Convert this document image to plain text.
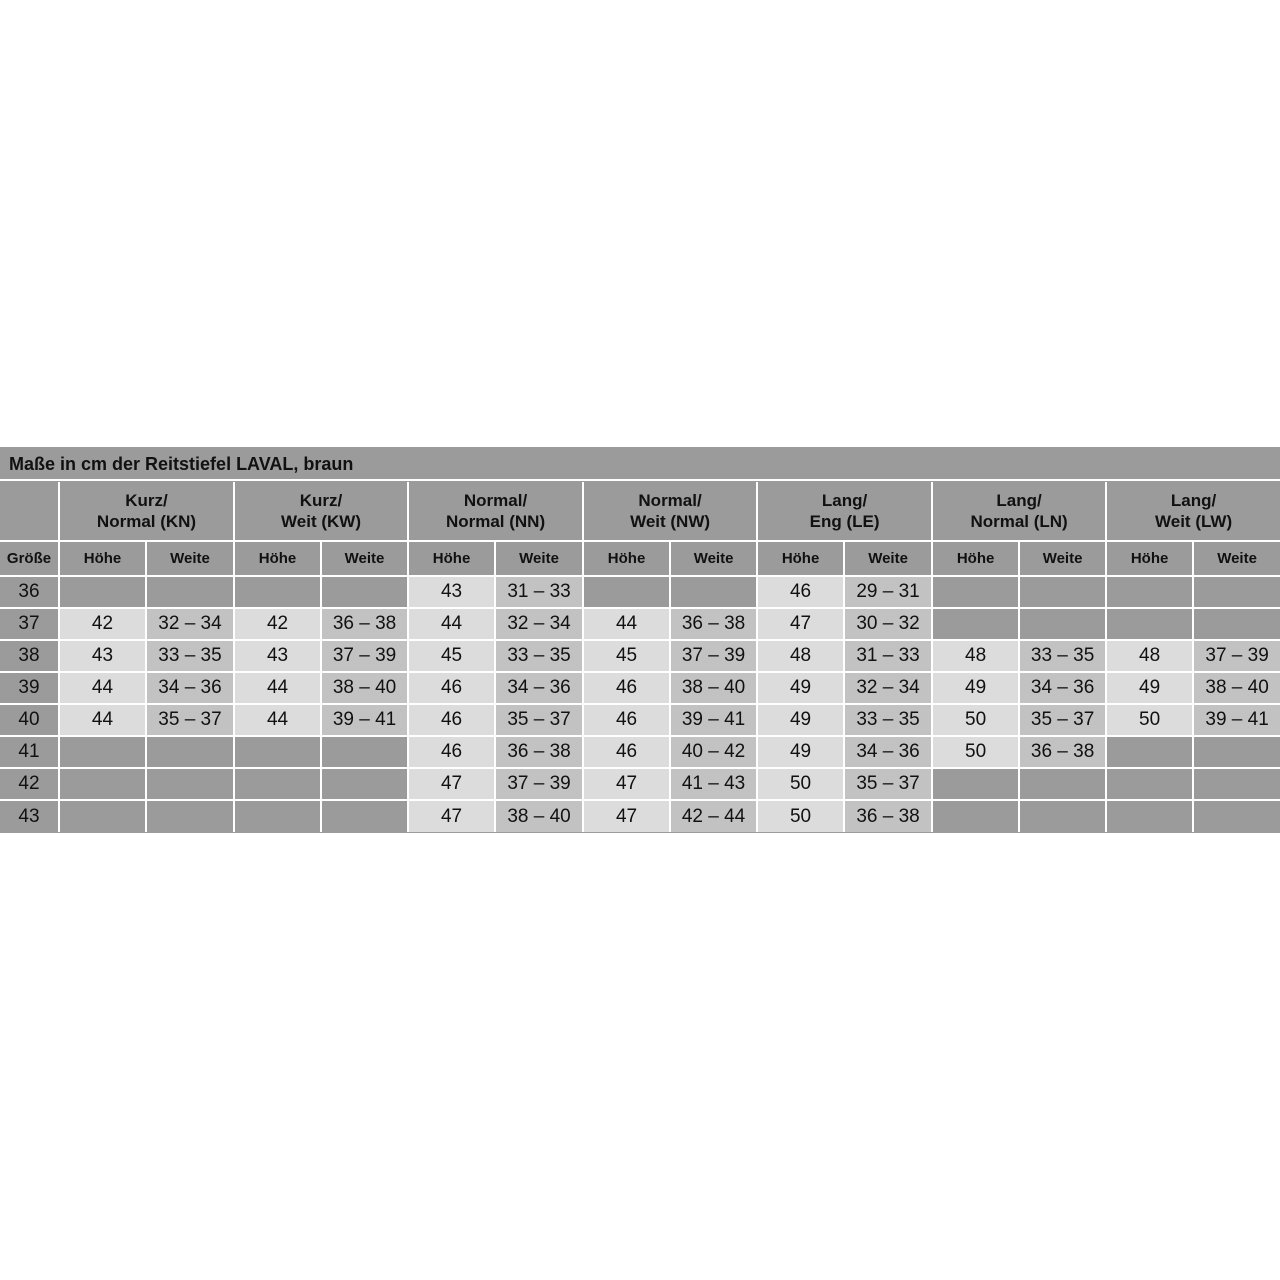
Maße in cm der Reitstiefel LAVAL, braun

	Kurz/
Normal (KN)		Kurz/
Weit (KW)		Normal/
Normal (NN)		Normal/
Weit (NW)		Lang/
Eng (LE)		Lang/
Normal (LN)		Lang/
Weit (LW)	

Größe	Höhe	Weite	Höhe	Weite	Höhe	Weite	Höhe	Weite	Höhe	Weite	Höhe	Weite	Höhe	Weite
36					43	31 – 33			46	29 – 31				
37	42	32 – 34	42	36 – 38	44	32 – 34	44	36 – 38	47	30 – 32				
38	43	33 – 35	43	37 – 39	45	33 – 35	45	37 – 39	48	31 – 33	48	33 – 35	48	37 – 39
39	44	34 – 36	44	38 – 40	46	34 – 36	46	38 – 40	49	32 – 34	49	34 – 36	49	38 – 40
40	44	35 – 37	44	39 – 41	46	35 – 37	46	39 – 41	49	33 – 35	50	35 – 37	50	39 – 41
41					46	36 – 38	46	40 – 42	49	34 – 36	50	36 – 38		
42					47	37 – 39	47	41 – 43	50	35 – 37				
43					47	38 – 40	47	42 – 44	50	36 – 38				
